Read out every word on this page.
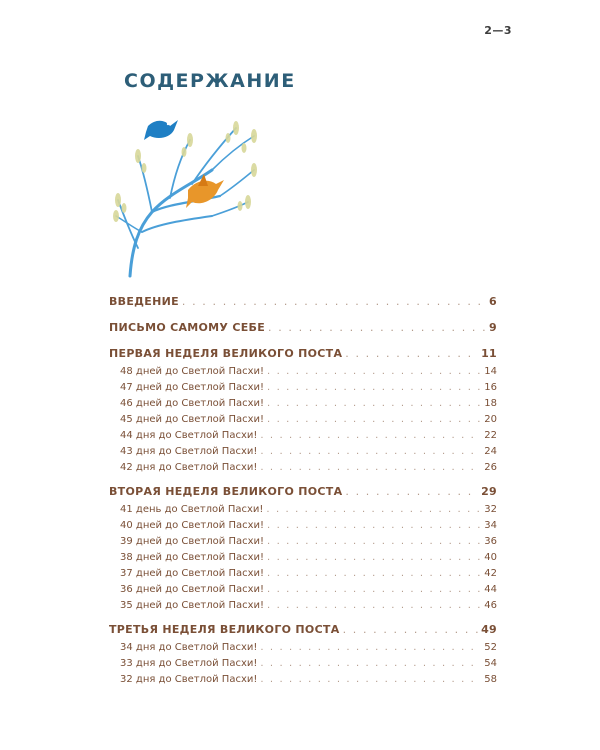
2—3
СОДЕРЖАНИЕ
ВВЕДЕНИЕ . . .	6
ПИСЬМО САМОМУ СЕБЕ . . .	9
ПЕРВАЯ НЕДЕЛЯ ВЕЛИКОГО ПОСТА . . .	11
48 дней до Светлой Пасхи! . . .	14
47 дней до Светлой Пасхи! . . .	16
46 дней до Светлой Пасхи! . . .	18
45 дней до Светлой Пасхи! . . .	20
44 дня до Светлой Пасхи! . . .	22
43 дня до Светлой Пасхи! . . .	24
42 дня до Светлой Пасхи! . . .	26
ВТОРАЯ НЕДЕЛЯ ВЕЛИКОГО ПОСТА . . .	29
41 день до Светлой Пасхи! . . .	32
40 дней до Светлой Пасхи! . . .	34
39 дней до Светлой Пасхи! . . .	36
38 дней до Светлой Пасхи! . . .	40
37 дней до Светлой Пасхи! . . .	42
36 дней до Светлой Пасхи! . . .	44
35 дней до Светлой Пасхи! . . .	46
ТРЕТЬЯ НЕДЕЛЯ ВЕЛИКОГО ПОСТА . . .	49
34 дня до Светлой Пасхи! . . .	52
33 дня до Светлой Пасхи! . . .	54
32 дня до Светлой Пасхи! . . .	58
